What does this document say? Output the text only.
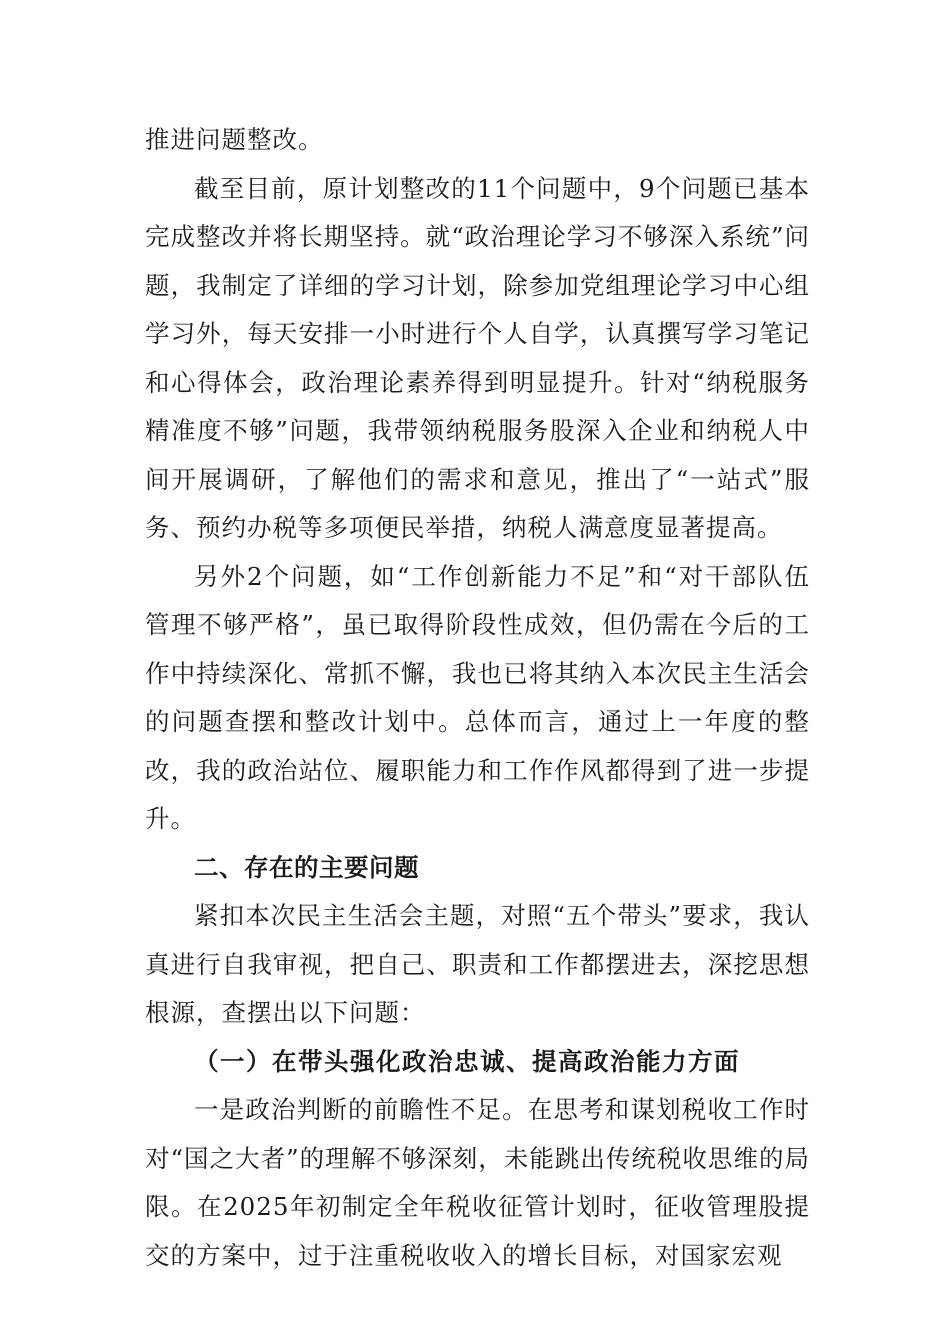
推进问题整改。

截至目前，原计划整改的11个问题中，9个问题已基本完成整改并将长期坚持。就“政治理论学习不够深入系统”问题，我制定了详细的学习计划，除参加党组理论学习中心组学习外，每天安排一小时进行个人自学，认真撰写学习笔记和心得体会，政治理论素养得到明显提升。针对“纳税服务精准度不够”问题，我带领纳税服务股深入企业和纳税人中间开展调研，了解他们的需求和意见，推出了“一站式”服务、预约办税等多项便民举措，纳税人满意度显著提高。

另外2个问题，如“工作创新能力不足”和“对干部队伍管理不够严格”，虽已取得阶段性成效，但仍需在今后的工作中持续深化、常抓不懈，我也已将其纳入本次民主生活会的问题查摆和整改计划中。总体而言，通过上一年度的整改，我的政治站位、履职能力和工作作风都得到了进一步提升。

二、存在的主要问题

紧扣本次民主生活会主题，对照“五个带头”要求，我认真进行自我审视，把自己、职责和工作都摆进去，深挖思想根源，查摆出以下问题：

（一）在带头强化政治忠诚、提高政治能力方面

一是政治判断的前瞻性不足。在思考和谋划税收工作时对“国之大者”的理解不够深刻，未能跳出传统税收思维的局限。在2025年初制定全年税收征管计划时，征收管理股提交的方案中，过于注重税收收入的增长目标，对国家宏观
